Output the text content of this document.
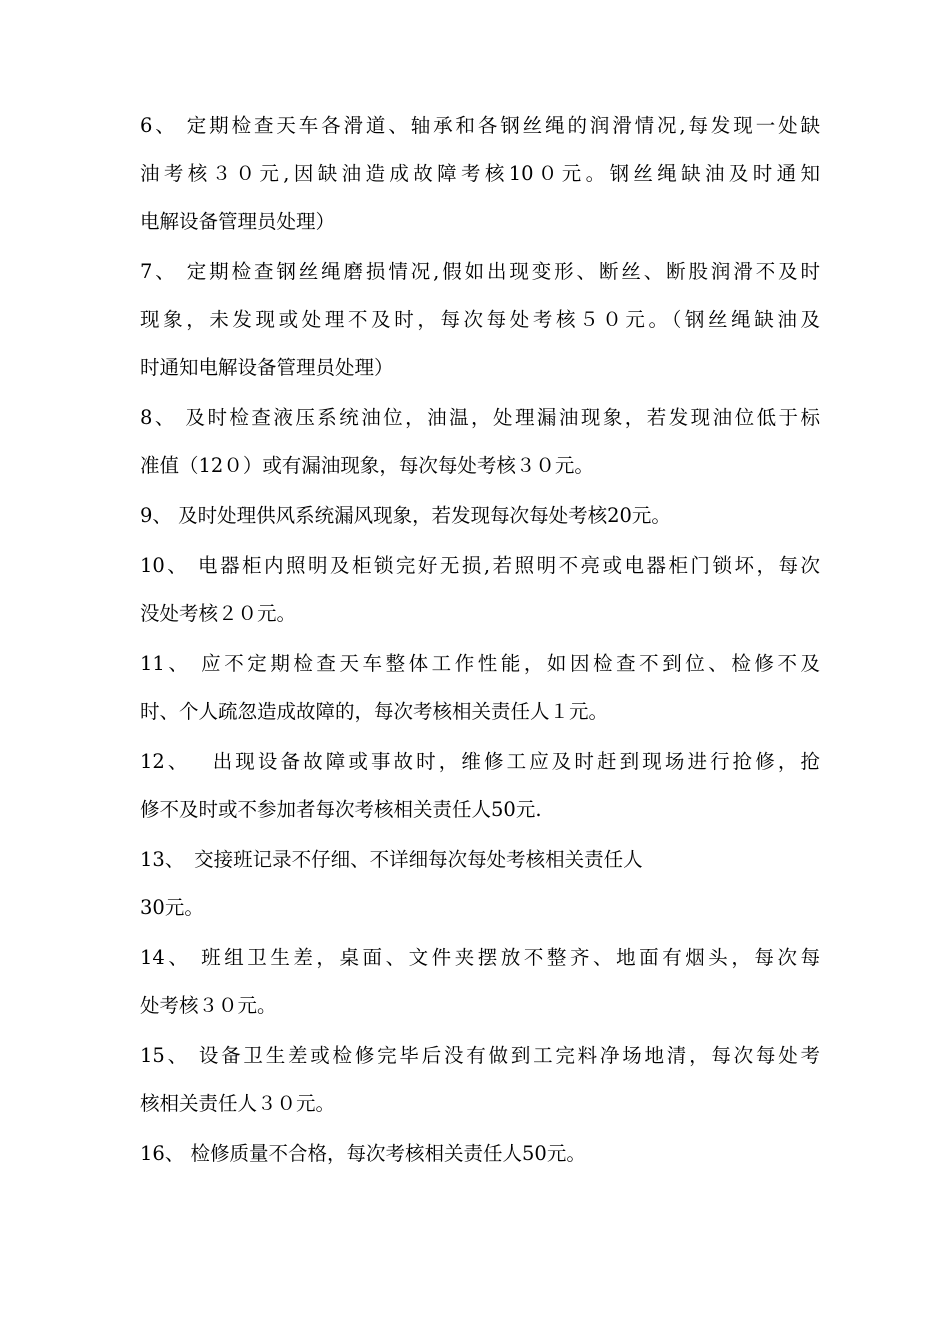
6、 定期检查天车各滑道、轴承和各钢丝绳的润滑情况,每发现一处缺
油考核３０元,因缺油造成故障考核10０元。钢丝绳缺油及时通知
电解设备管理员处理）
7、 定期检查钢丝绳磨损情况,假如出现变形、断丝、断股润滑不及时
现象，未发现或处理不及时，每次每处考核５０元。（钢丝绳缺油及
时通知电解设备管理员处理）
8、 及时检查液压系统油位，油温，处理漏油现象，若发现油位低于标
准值（12０）或有漏油现象，每次每处考核３０元。
9、 及时处理供风系统漏风现象，若发现每次每处考核20元。
10、 电器柜内照明及柜锁完好无损,若照明不亮或电器柜门锁坏，每次
没处考核２０元。
11、 应不定期检查天车整体工作性能，如因检查不到位、检修不及
时、个人疏忽造成故障的，每次考核相关责任人１元。
12、　 出现设备故障或事故时，维修工应及时赶到现场进行抢修，抢
修不及时或不参加者每次考核相关责任人50元.
13、　交接班记录不仔细、不详细每次每处考核相关责任人
30元。
14、 班组卫生差，桌面、文件夹摆放不整齐、地面有烟头，每次每
处考核３０元。
15、 设备卫生差或检修完毕后没有做到工完料净场地清，每次每处考
核相关责任人３０元。
16、 检修质量不合格，每次考核相关责任人50元。
